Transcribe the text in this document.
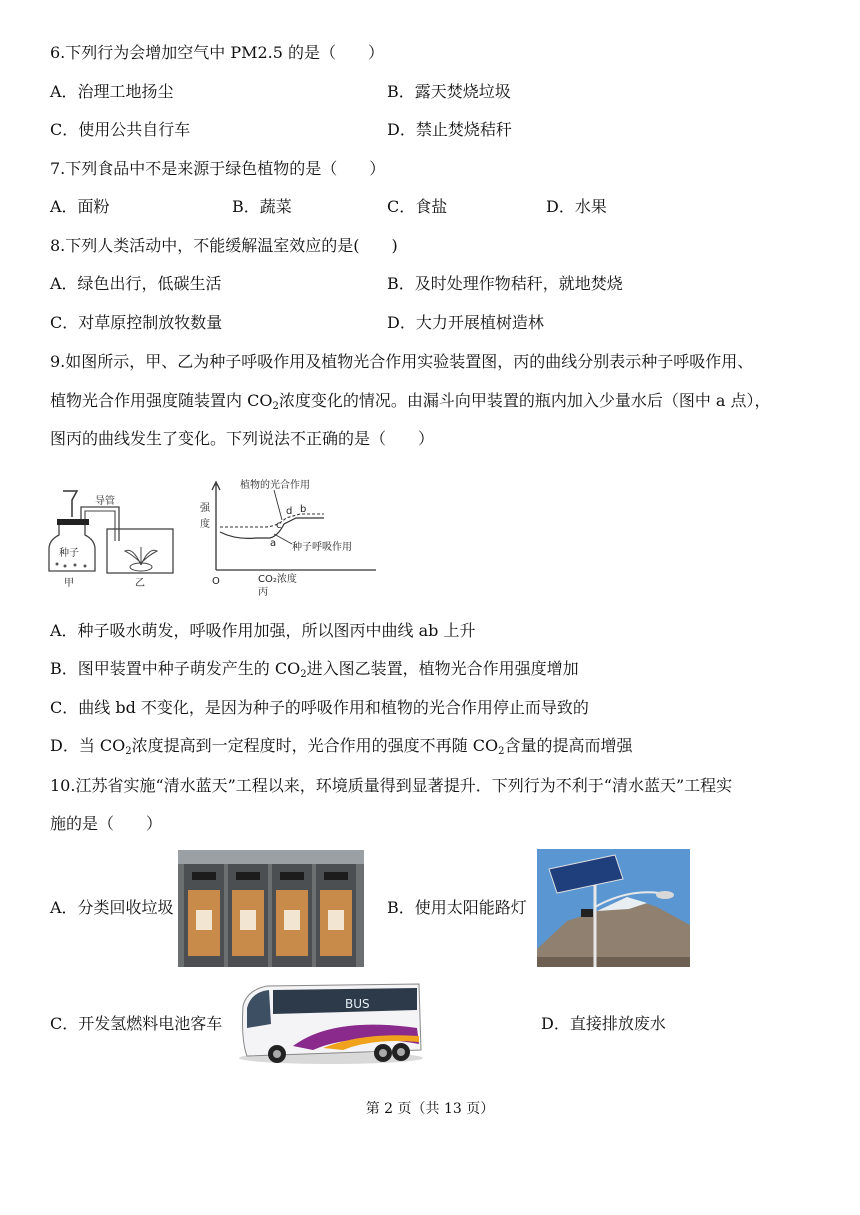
6.下列行为会增加空气中 PM2.5 的是（　　）
A．治理工地扬尘	B．露天焚烧垃圾
C．使用公共自行车	D．禁止焚烧秸秆
7.下列食品中不是来源于绿色植物的是（　　）
A．面粉	B．蔬菜	C．食盐	D．水果
8.下列人类活动中，不能缓解温室效应的是(　　)
A．绿色出行，低碳生活	B．及时处理作物秸秆，就地焚烧
C．对草原控制放牧数量	D．大力开展植树造林
9.如图所示，甲、乙为种子呼吸作用及植物光合作用实验装置图，丙的曲线分别表示种子呼吸作用、
植物光合作用强度随装置内 $CO_2$浓度变化的情况。由漏斗向甲装置的瓶内加入少量水后（图中 a 点），
图丙的曲线发生了变化。下列说法不正确的是（　　）
种子
导管
甲	乙
强
度
O	CO₂浓度
丙
植物的光合作用
种子呼吸作用
c
d b
a
A．种子吸水萌发，呼吸作用加强，所以图丙中曲线 ab 上升
B．图甲装置中种子萌发产生的 $CO_2$进入图乙装置，植物光合作用强度增加
C．曲线 bd 不变化，是因为种子的呼吸作用和植物的光合作用停止而导致的
D．当 $CO_2$浓度提高到一定程度时，光合作用的强度不再随 $CO_2$含量的提高而增强
10.江苏省实施“清水蓝天”工程以来，环境质量得到显著提升．下列行为不利于“清水蓝天”工程实
施的是（　　）
A．分类回收垃圾	B．使用太阳能路灯
C．开发氢燃料电池客车
BUS
D．直接排放废水
第 2 页（共 13 页）
